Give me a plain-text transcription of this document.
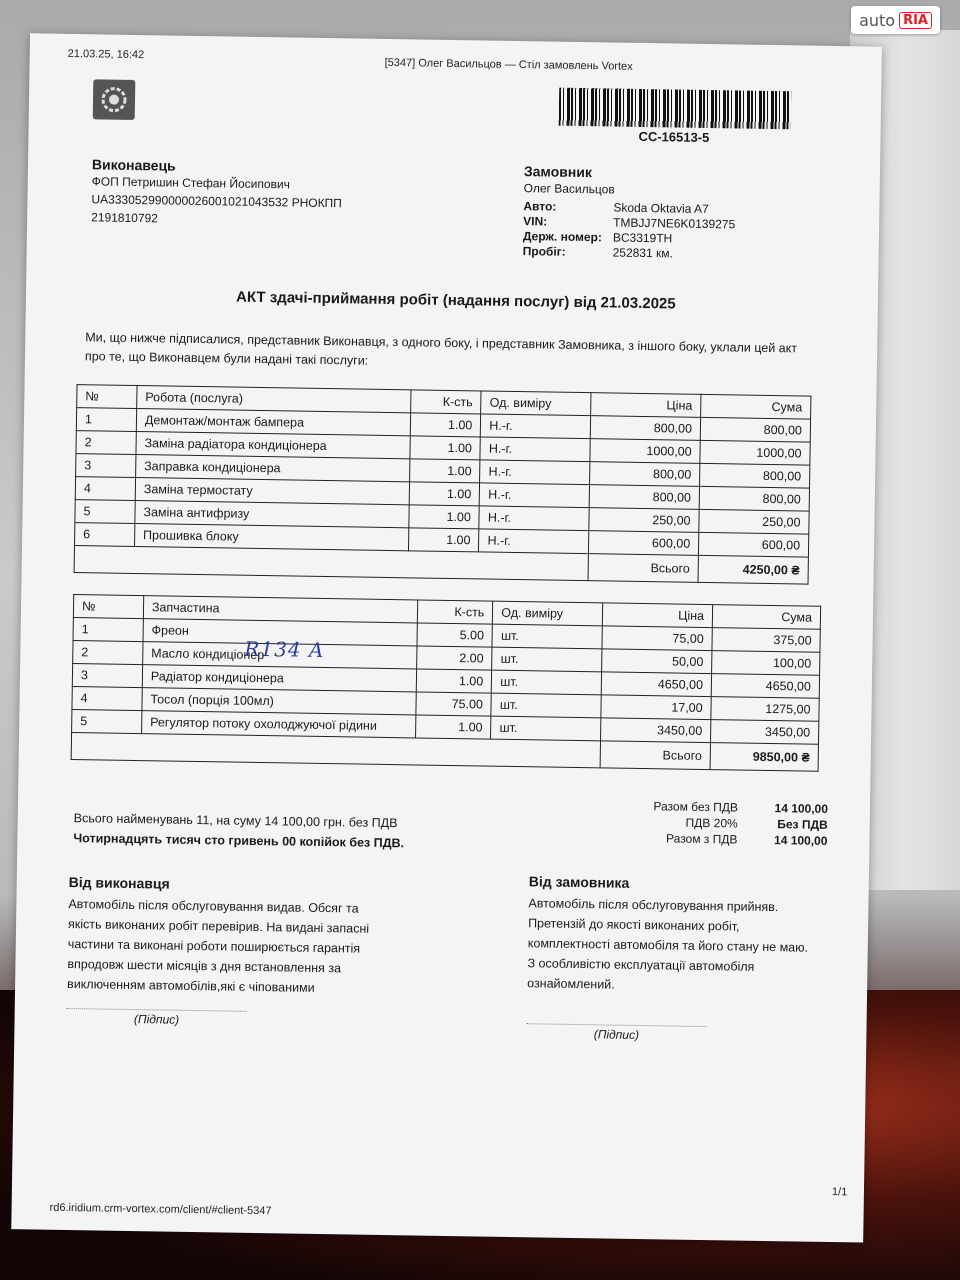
auto RIA
21.03.25, 16:42
[5347] Олег Васильцов — Стіл замовлень Vortex
СС-16513-5
Виконавець
ФОП Петришин Стефан Йосипович
UA333052990000026001021043532 РНОКПП
2191810792
Замовник
Олег Васильцов
Авто:	Skoda Oktavia A7
VIN:	TMBJJ7NE6K0139275
Держ. номер: BC3319TH
Пробіг:	252831 км.
АКТ здачі-приймання робіт (надання послуг) від 21.03.2025
Ми, що нижче підписалися, представник Виконавця, з одного боку, і представник Замовника, з іншого боку, уклали цей акт про те, що Виконавцем були надані такі послуги:
№	Робота (послуга)	К-сть	Од. виміру	Ціна	Сума
1	Демонтаж/монтаж бампера	1.00	Н.-г.	800,00	800,00
2	Заміна радіатора кондиціонера	1.00	Н.-г.	1000,00	1000,00
3	Заправка кондиціонера	1.00	Н.-г.	800,00	800,00
4	Заміна термостату	1.00	Н.-г.	800,00	800,00
5	Заміна антифризу	1.00	Н.-г.	250,00	250,00
6	Прошивка блоку	1.00	Н.-г.	600,00	600,00
				Всього	4250,00 ₴
№	Запчастина	К-сть	Од. виміру	Ціна	Сума
1	Фреон	5.00	шт.	75,00	375,00
2	Масло кондиціонер	2.00	шт.	50,00	100,00
3	Радіатор кондиціонера	1.00	шт.	4650,00	4650,00
4	Тосол (порція 100мл)	75.00	шт.	17,00	1275,00
5	Регулятор потоку охолоджуючої рідини	1.00	шт.	3450,00	3450,00
				Всього	9850,00 ₴
R134 A
Всього найменувань 11, на суму 14 100,00 грн. без ПДВ
Чотирнадцять тисяч сто гривень 00 копійок без ПДВ.
Разом без ПДВ	14 100,00
ПДВ 20%	Без ПДВ
Разом з ПДВ	14 100,00
Від виконавця
Автомобіль після обслуговування видав. Обсяг та якість виконаних робіт перевірив. На видані запасні частини та виконані роботи поширюється гарантія впродовж шести місяців з дня встановлення за виключенням автомобілів,які є чіпованими
(Підпис)
Від замовника
Автомобіль після обслуговування прийняв. Претензій до якості виконаних робіт, комплектності автомобіля та його стану не маю. З особливістю експлуатації автомобіля ознайомлений.
(Підпис)
1/1
rd6.iridium.crm-vortex.com/client/#client-5347
